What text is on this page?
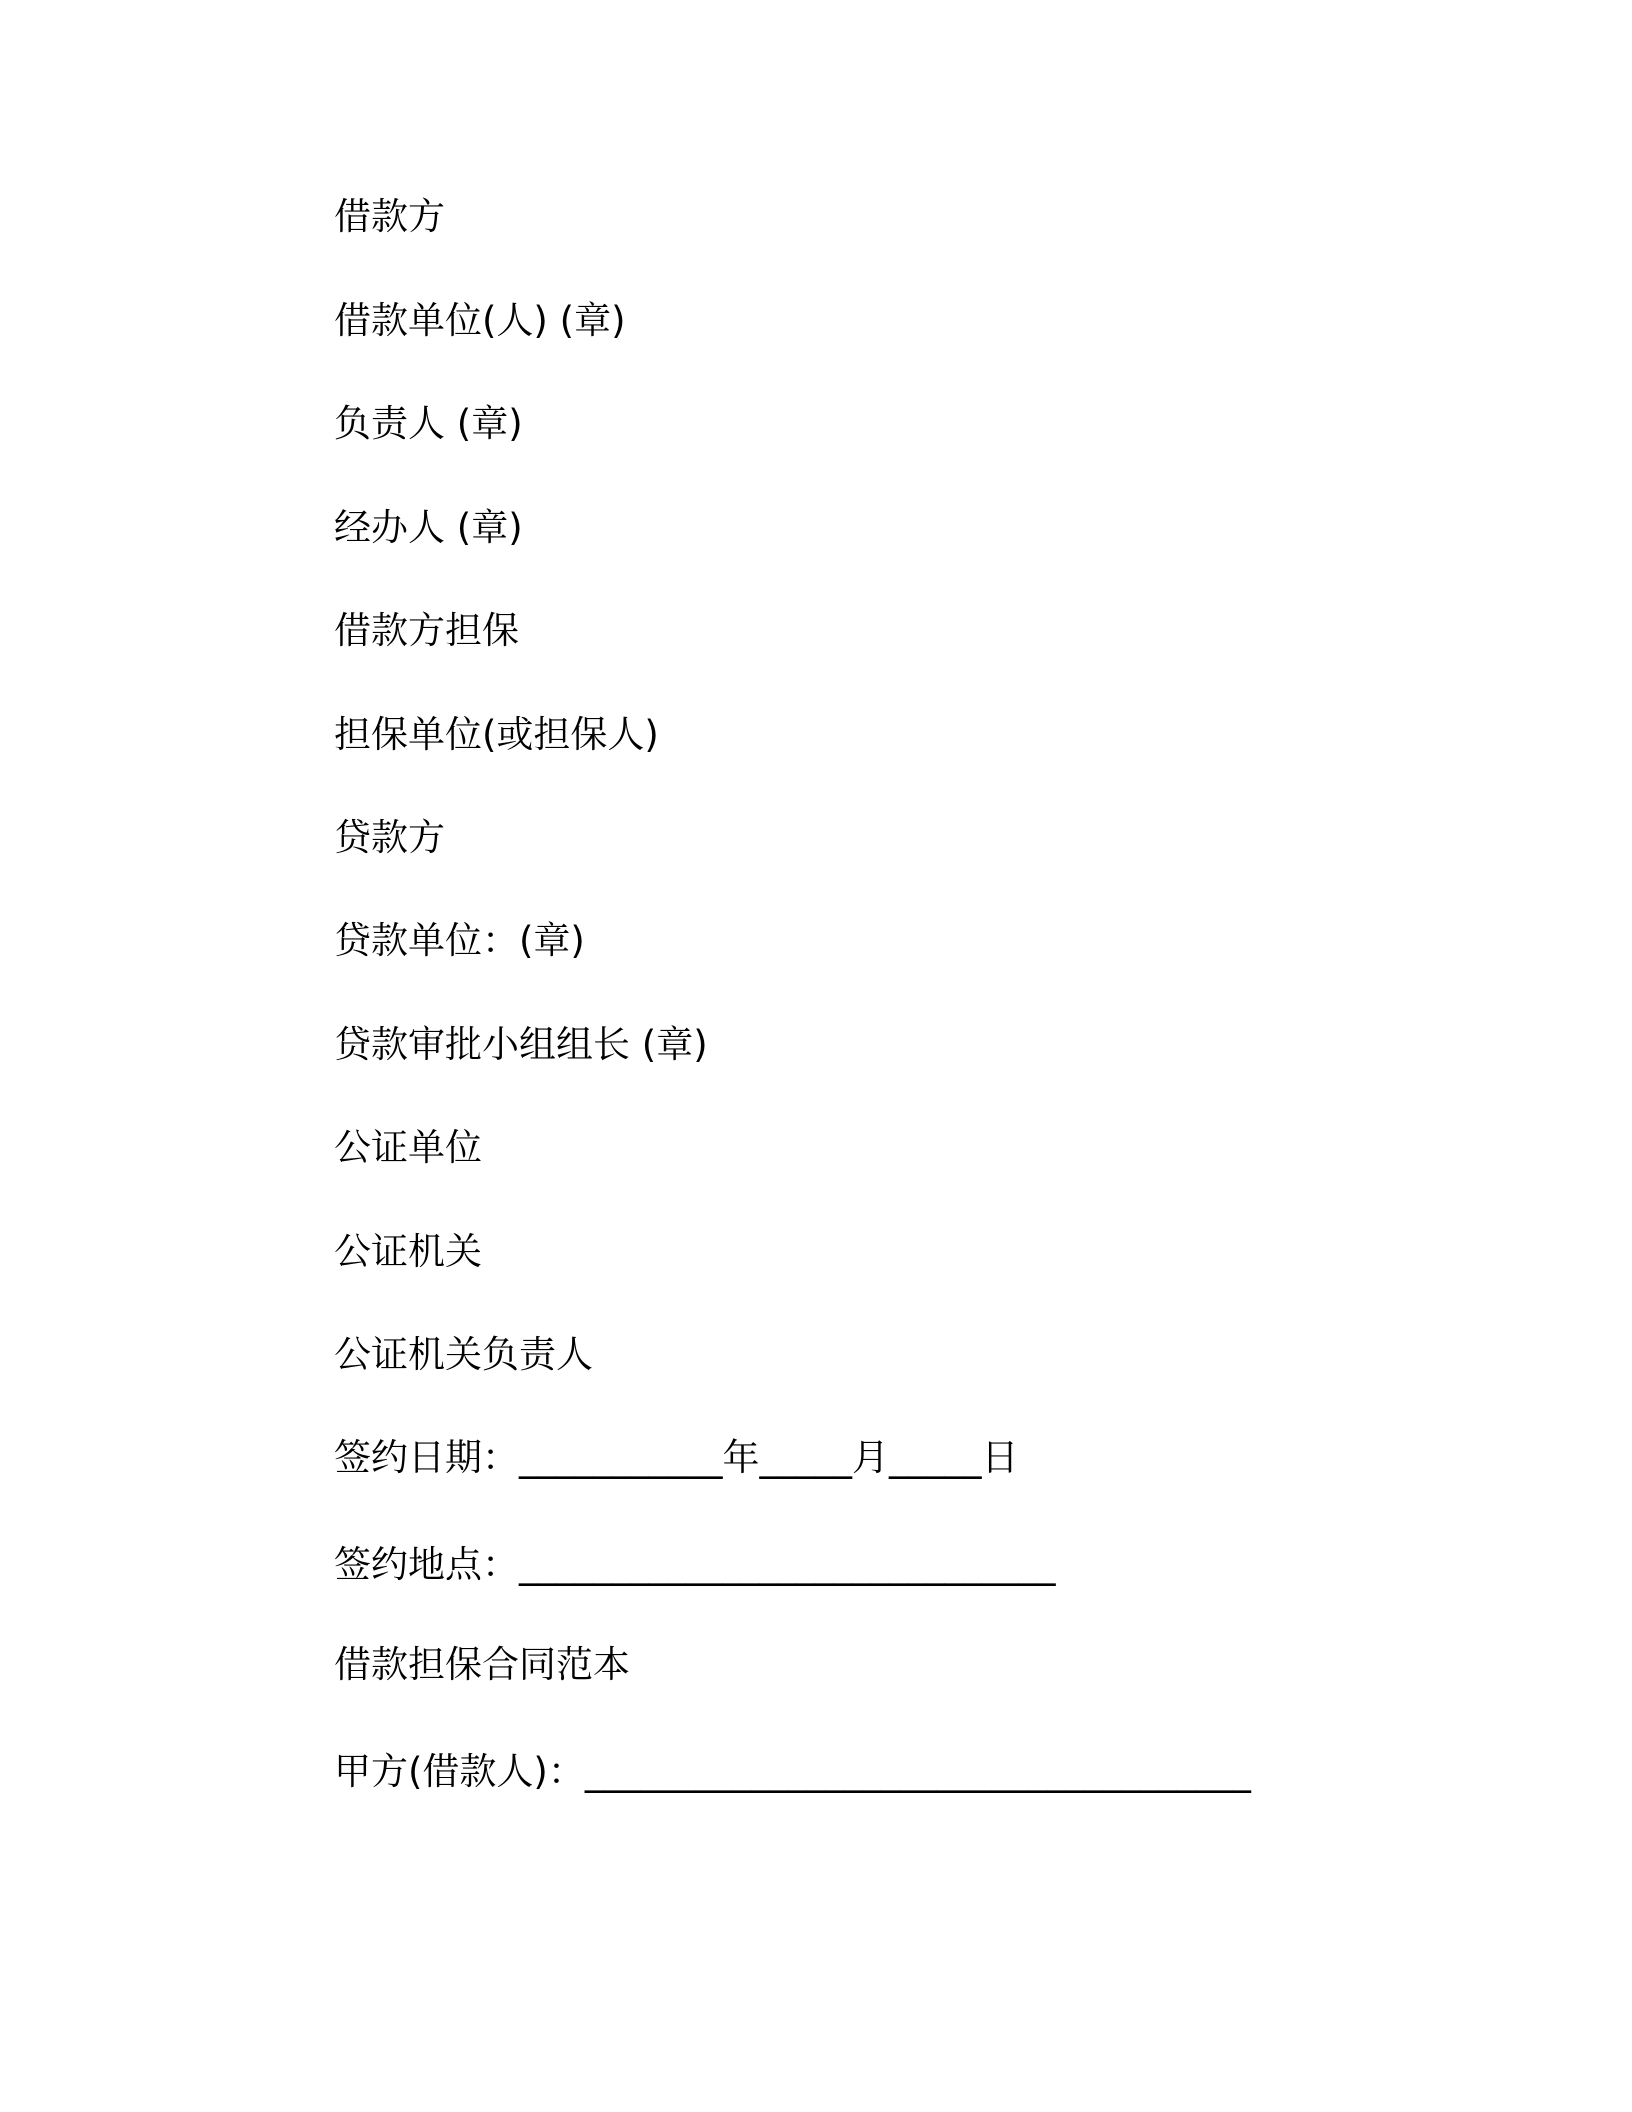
借款方
借款单位(人) (章)
负责人 (章)
经办人 (章)
借款方担保
担保单位(或担保人)
贷款方
贷款单位：(章)
贷款审批小组组长 (章)
公证单位
公证机关
公证机关负责人
签约日期：___________年_____月_____日
签约地点：_____________________________
借款担保合同范本
甲方(借款人)：____________________________________
